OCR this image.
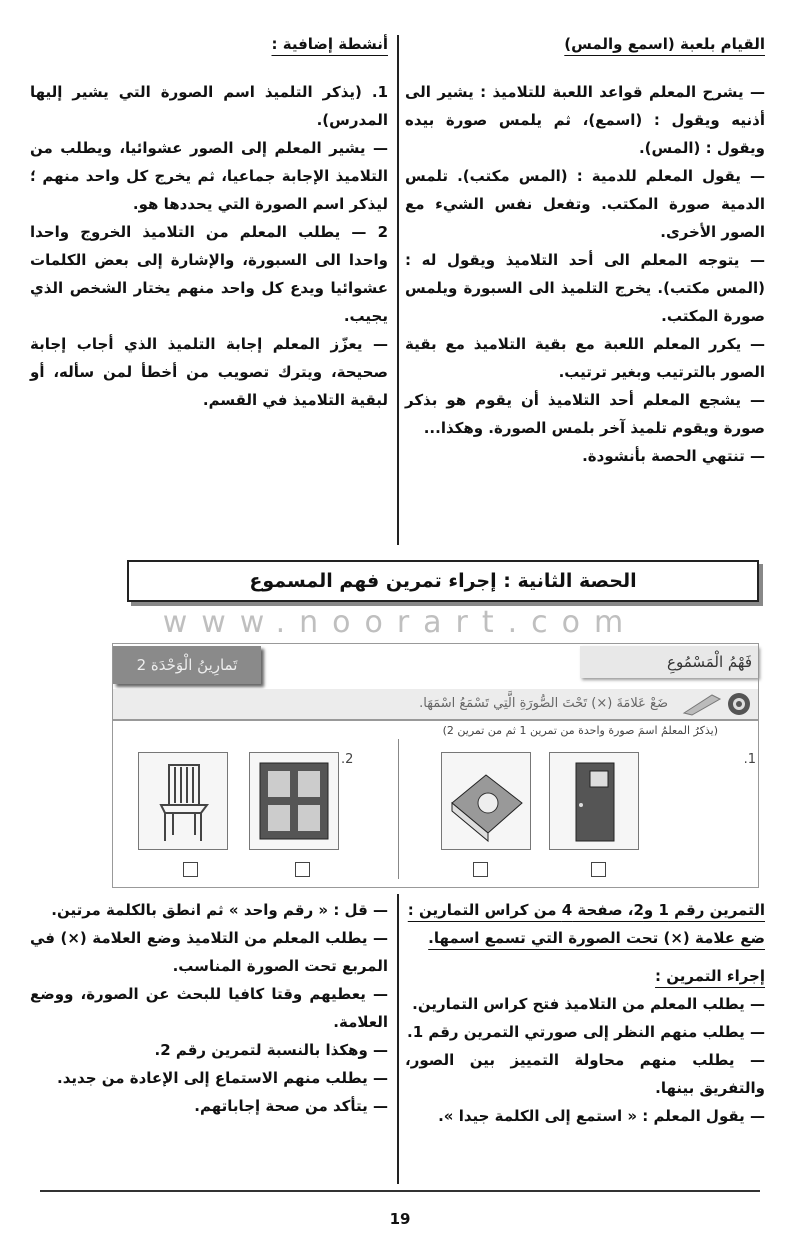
القيام بلعبة (اسمع والمس)

— يشرح المعلم قواعد اللعبة للتلاميذ : يشير الى أذنيه ويقول : (اسمع)، ثم يلمس صورة بيده ويقول : (المس).

— يقول المعلم للدمية : (المس مكتب). تلمس الدمية صورة المكتب. وتفعل نفس الشيء مع الصور الأخرى.

— يتوجه المعلم الى أحد التلاميذ ويقول له : (المس مكتب). يخرج التلميذ الى السبورة ويلمس صورة المكتب.

— يكرر المعلم اللعبة مع بقية التلاميذ مع بقية الصور بالترتيب وبغير ترتيب.

— يشجع المعلم أحد التلاميذ أن يقوم هو بذكر صورة ويقوم تلميذ آخر بلمس الصورة. وهكذا...

— تنتهي الحصة بأنشودة.

أنشطة إضافية :

1. (يذكر التلميذ اسم الصورة التي يشير إليها المدرس).

— يشير المعلم إلى الصور عشوائيا، ويطلب من التلاميذ الإجابة جماعيا، ثم يخرج كل واحد منهم ؛ ليذكر اسم الصورة التي يحددها هو.

2 — يطلب المعلم من التلاميذ الخروج واحدا واحدا الى السبورة، والإشارة إلى بعض الكلمات عشوائيا ويدع كل واحد منهم يختار الشخص الذي يجيب.

— يعزّز المعلم إجابة التلميذ الذي أجاب إجابة صحيحة، ويترك تصويب من أخطأ لمن سأله، أو لبقية التلاميذ في القسم.

الحصة الثانية : إجراء تمرين فهم المسموع
www.noorart.com
فَهْمُ الْمَسْمُوعِ
تَمارِينُ الْوَحْدَة 2
ضَعْ عَلامَةَ (×) تَحْتَ الصُّورَةِ الَّتِي تَسْمَعُ اسْمَهَا.
(يذكرُ المعلمُ اسمَ صورة واحدة من تمرين 1 ثم من تمرين 2)
.1
.2

التمرين رقم 1 و2، صفحة 4 من كراس التمارين :

ضع علامة (×) تحت الصورة التي تسمع اسمها.

إجراء التمرين :

— يطلب المعلم من التلاميذ فتح كراس التمارين.

— يطلب منهم النظر إلى صورتي التمرين رقم 1.

— يطلب منهم محاولة التمييز بين الصور، والتفريق بينها.

— يقول المعلم : « استمع إلى الكلمة جيدا ».

— قل : « رقم واحد » ثم انطق بالكلمة مرتين.

— يطلب المعلم من التلاميذ وضع العلامة (×) في المربع تحت الصورة المناسب.

— يعطيهم وقتا كافيا للبحث عن الصورة، ووضع العلامة.

— وهكذا بالنسبة لتمرين رقم 2.

— يطلب منهم الاستماع إلى الإعادة من جديد.

— يتأكد من صحة إجاباتهم.

19
